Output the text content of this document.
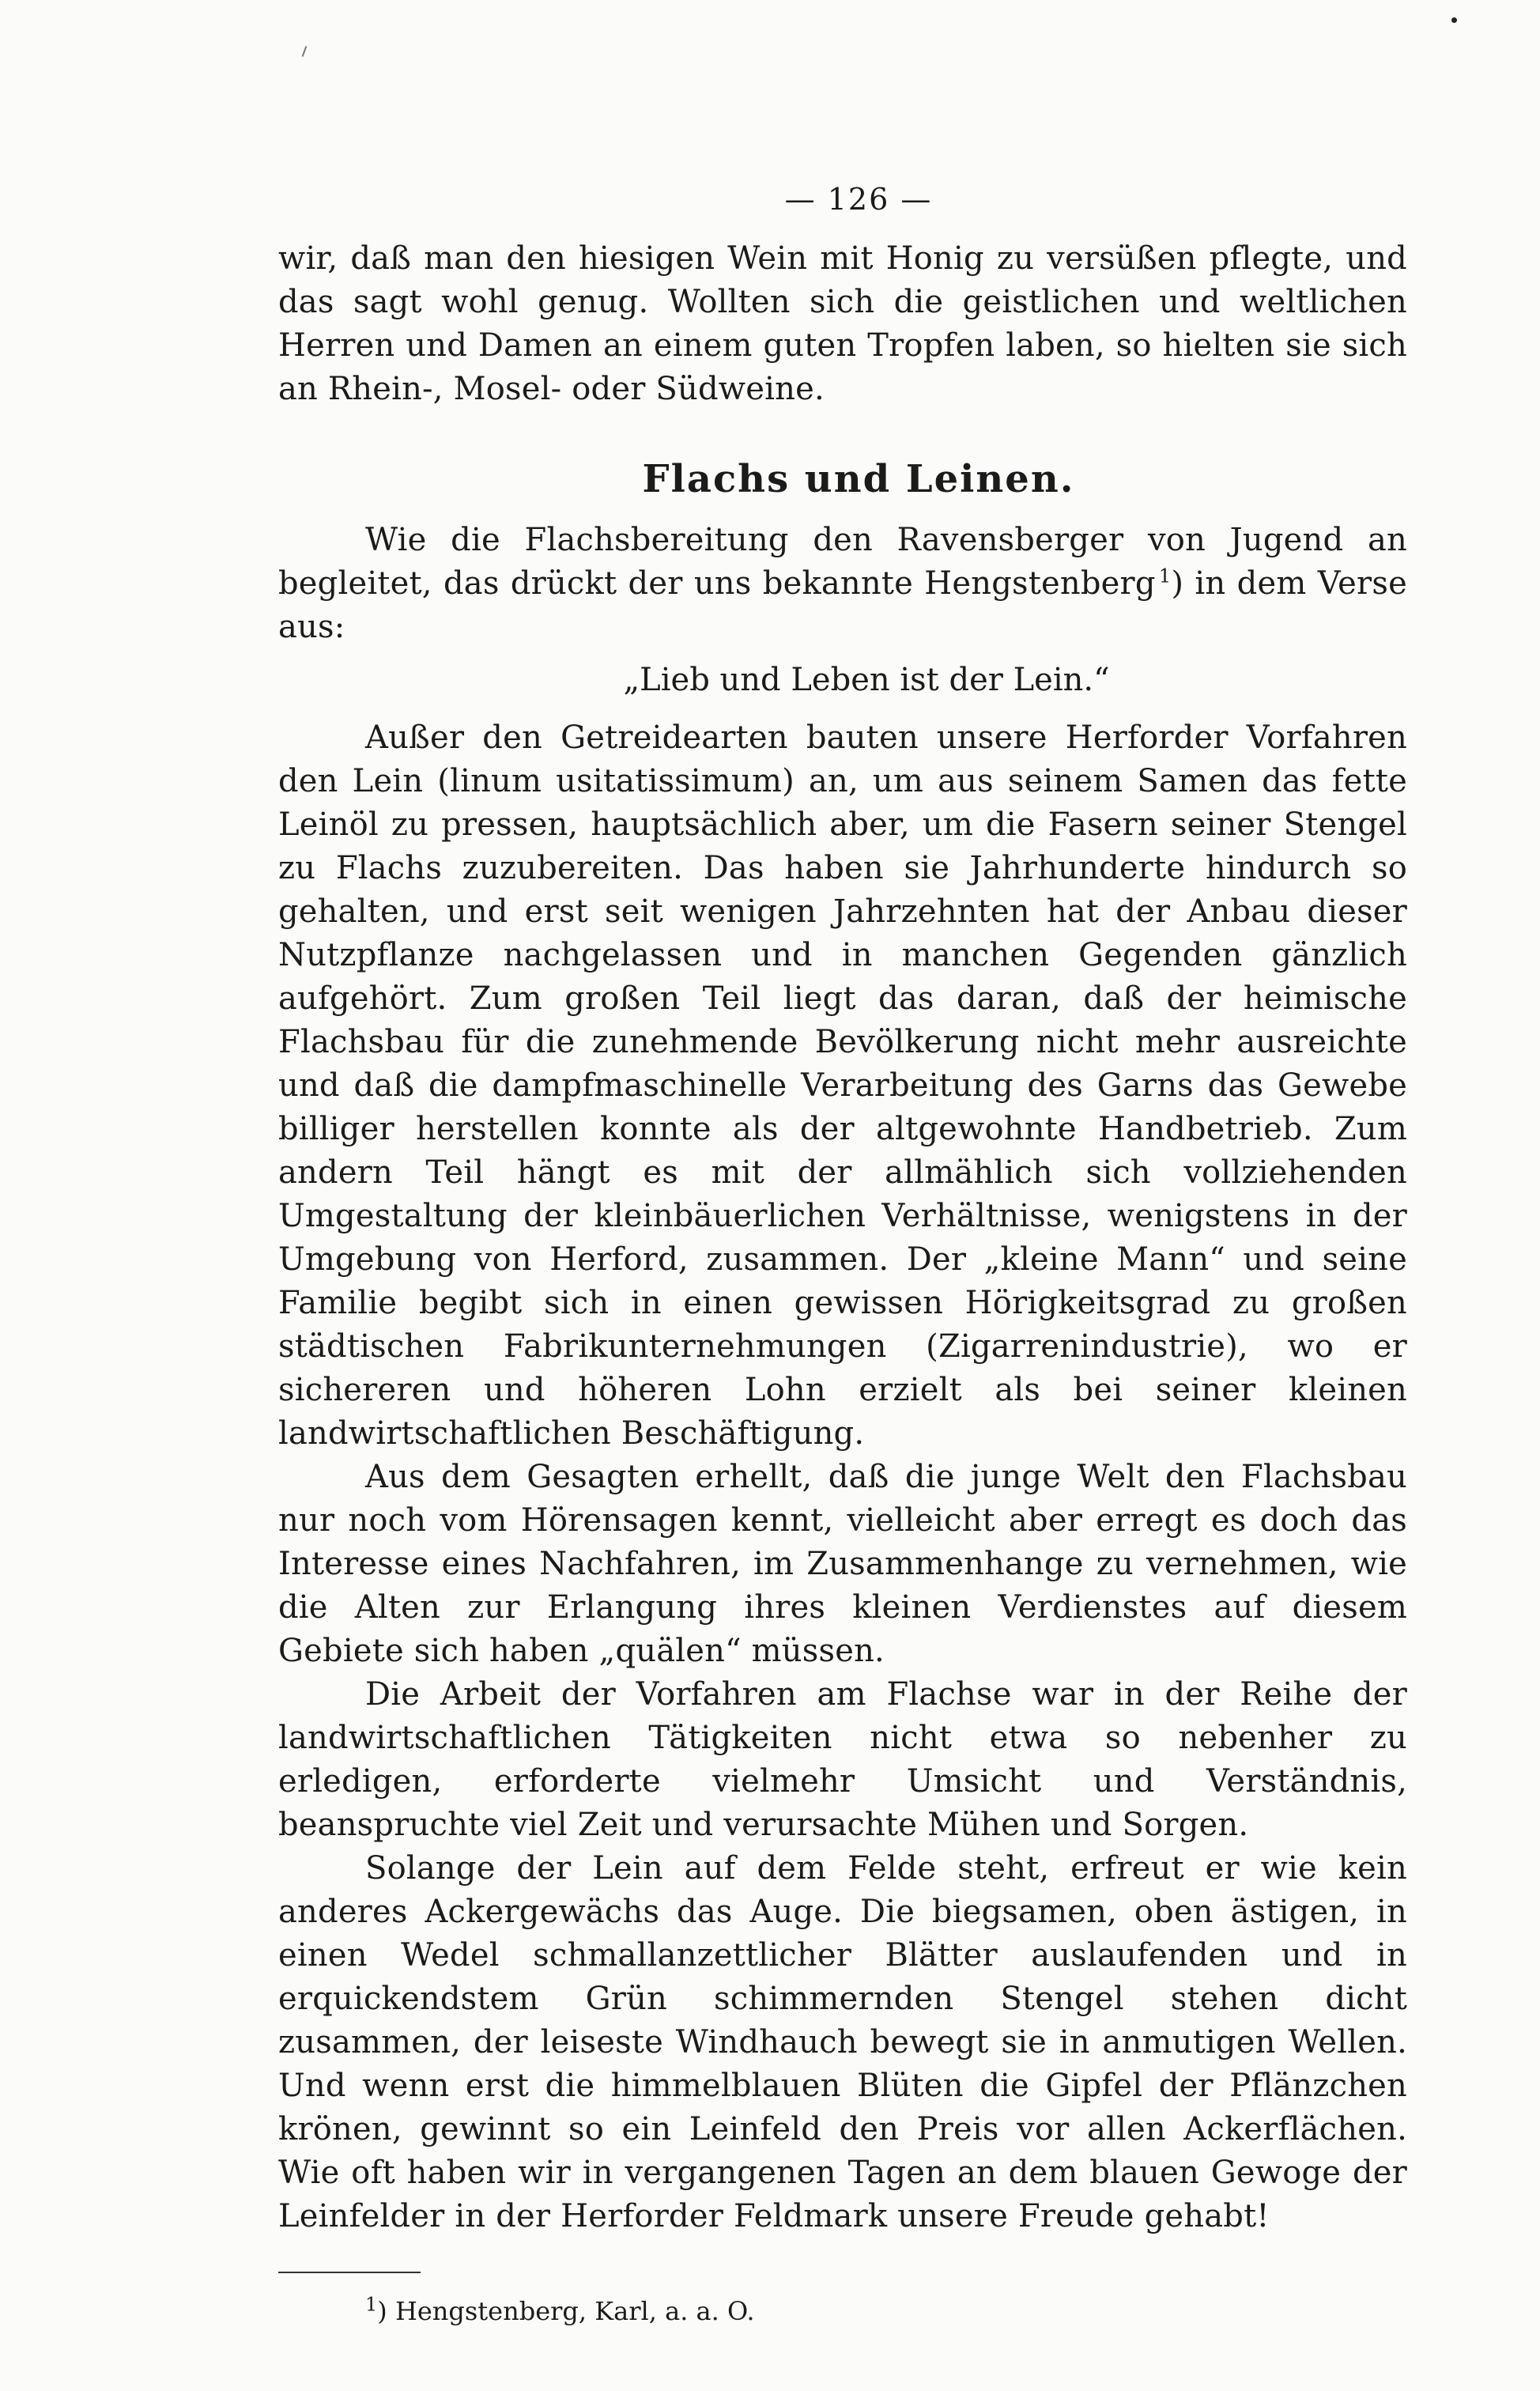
— 126 —

wir, daß man den hiesigen Wein mit Honig zu versüßen pflegte, und das sagt wohl genug. Wollten sich die geistlichen und weltlichen Herren und Damen an einem guten Tropfen laben, so hielten sie sich an Rhein-, Mosel- oder Südweine.

Flachs und Leinen.

Wie die Flachsbereitung den Ravensberger von Jugend an begleitet, das drückt der uns bekannte Hengstenberg  $^1$) in dem Verse aus:

„Lieb und Leben ist der Lein.“

Außer den Getreidearten bauten unsere Herforder Vorfahren den Lein (linum usitatissimum) an, um aus seinem Samen das fette Leinöl zu pressen, hauptsächlich aber, um die Fasern seiner Stengel zu Flachs zuzubereiten. Das haben sie Jahrhunderte hindurch so gehalten, und erst seit wenigen Jahrzehnten hat der Anbau dieser Nutzpflanze nachgelassen und in manchen Gegenden gänzlich aufgehört. Zum großen Teil liegt das daran, daß der heimische Flachsbau für die zunehmende Bevölkerung nicht mehr ausreichte und daß die dampfmaschinelle Verarbeitung des Garns das Gewebe billiger herstellen konnte als der altgewohnte Handbetrieb. Zum andern Teil hängt es mit der allmählich sich vollziehenden Umgestaltung der kleinbäuerlichen Verhältnisse, wenigstens in der Umgebung von Herford, zusammen. Der „kleine Mann“ und seine Familie begibt sich in einen gewissen Hörigkeitsgrad zu großen städtischen Fabrikunternehmungen (Zigarrenindustrie), wo er sichereren und höheren Lohn erzielt als bei seiner kleinen landwirtschaftlichen Beschäftigung.

Aus dem Gesagten erhellt, daß die junge Welt den Flachsbau nur noch vom Hörensagen kennt, vielleicht aber erregt es doch das Interesse eines Nachfahren, im Zusammenhange zu vernehmen, wie die Alten zur Erlangung ihres kleinen Verdienstes auf diesem Gebiete sich haben „quälen“ müssen.

Die Arbeit der Vorfahren am Flachse war in der Reihe der landwirtschaftlichen Tätigkeiten nicht etwa so nebenher zu erledigen, erforderte vielmehr Umsicht und Verständnis, beanspruchte viel Zeit und verursachte Mühen und Sorgen.

Solange der Lein auf dem Felde steht, erfreut er wie kein anderes Ackergewächs das Auge. Die biegsamen, oben ästigen, in einen Wedel schmallanzettlicher Blätter auslaufenden und in erquickendstem Grün schimmernden Stengel stehen dicht zusammen, der leiseste Windhauch bewegt sie in anmutigen Wellen. Und wenn erst die himmelblauen Blüten die Gipfel der Pflänzchen krönen, gewinnt so ein Leinfeld den Preis vor allen Ackerflächen. Wie oft haben wir in vergangenen Tagen an dem blauen Gewoge der Leinfelder in der Herforder Feldmark unsere Freude gehabt!

$^1$) Hengstenberg, Karl, a. a. O.
